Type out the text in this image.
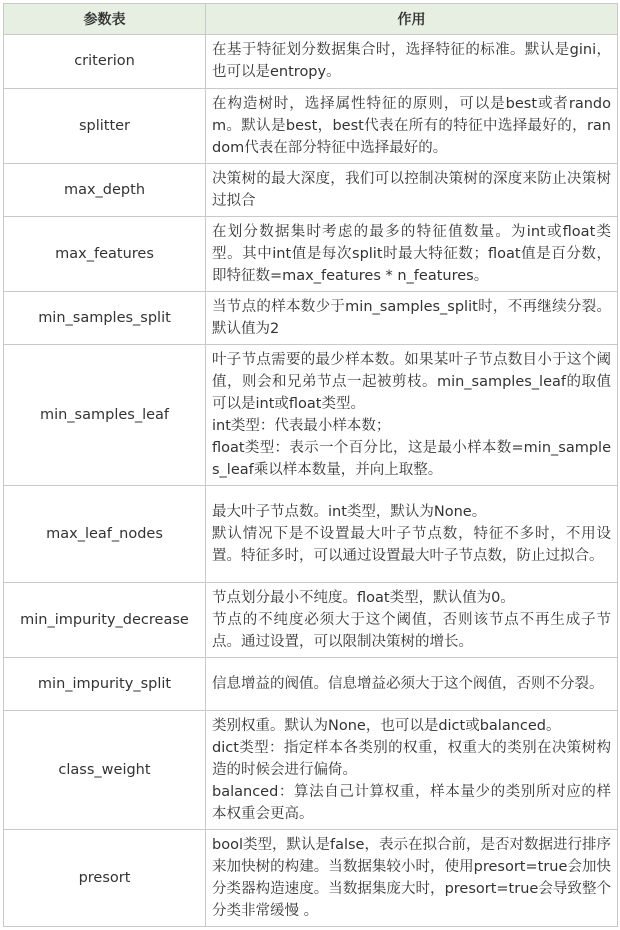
参数表	作用
criterion	在基于特征划分数据集合时，选择特征的标准。默认是gini，也可以是entropy。

splitter	在构造树时，选择属性特征的原则，可以是best或者random。默认是best，best代表在所有的特征中选择最好的，random代表在部分特征中选择最好的。

max_depth	决策树的最大深度，我们可以控制决策树的深度来防止决策树过拟合

max_features	在划分数据集时考虑的最多的特征值数量。为int或float类型。其中int值是每次split时最大特征数；float值是百分数，即特征数=max_features * n_features。

min_samples_split	当节点的样本数少于min_samples_split时，不再继续分裂。默认值为2

min_samples_leaf	叶子节点需要的最少样本数。如果某叶子节点数目小于这个阈值，则会和兄弟节点一起被剪枝。min_samples_leaf的取值可以是int或float类型。
int类型：代表最小样本数；
float类型：表示一个百分比，这是最小样本数=min_samples_leaf乘以样本数量，并向上取整。

max_leaf_nodes	最大叶子节点数。int类型，默认为None。
默认情况下是不设置最大叶子节点数，特征不多时，不用设置。特征多时，可以通过设置最大叶子节点数，防止过拟合。

min_impurity_decrease	节点划分最小不纯度。float类型，默认值为0。
节点的不纯度必须大于这个阈值，否则该节点不再生成子节点。通过设置，可以限制决策树的增长。

min_impurity_split	信息增益的阀值。信息增益必须大于这个阀值，否则不分裂。

class_weight	类别权重。默认为None，也可以是dict或balanced。
dict类型：指定样本各类别的权重，权重大的类别在决策树构造的时候会进行偏倚。
balanced：算法自己计算权重，样本量少的类别所对应的样本权重会更高。

presort	bool类型，默认是false，表示在拟合前，是否对数据进行排序来加快树的构建。当数据集较小时，使用presort=true会加快分类器构造速度。当数据集庞大时，presort=true会导致整个分类非常缓慢 。
